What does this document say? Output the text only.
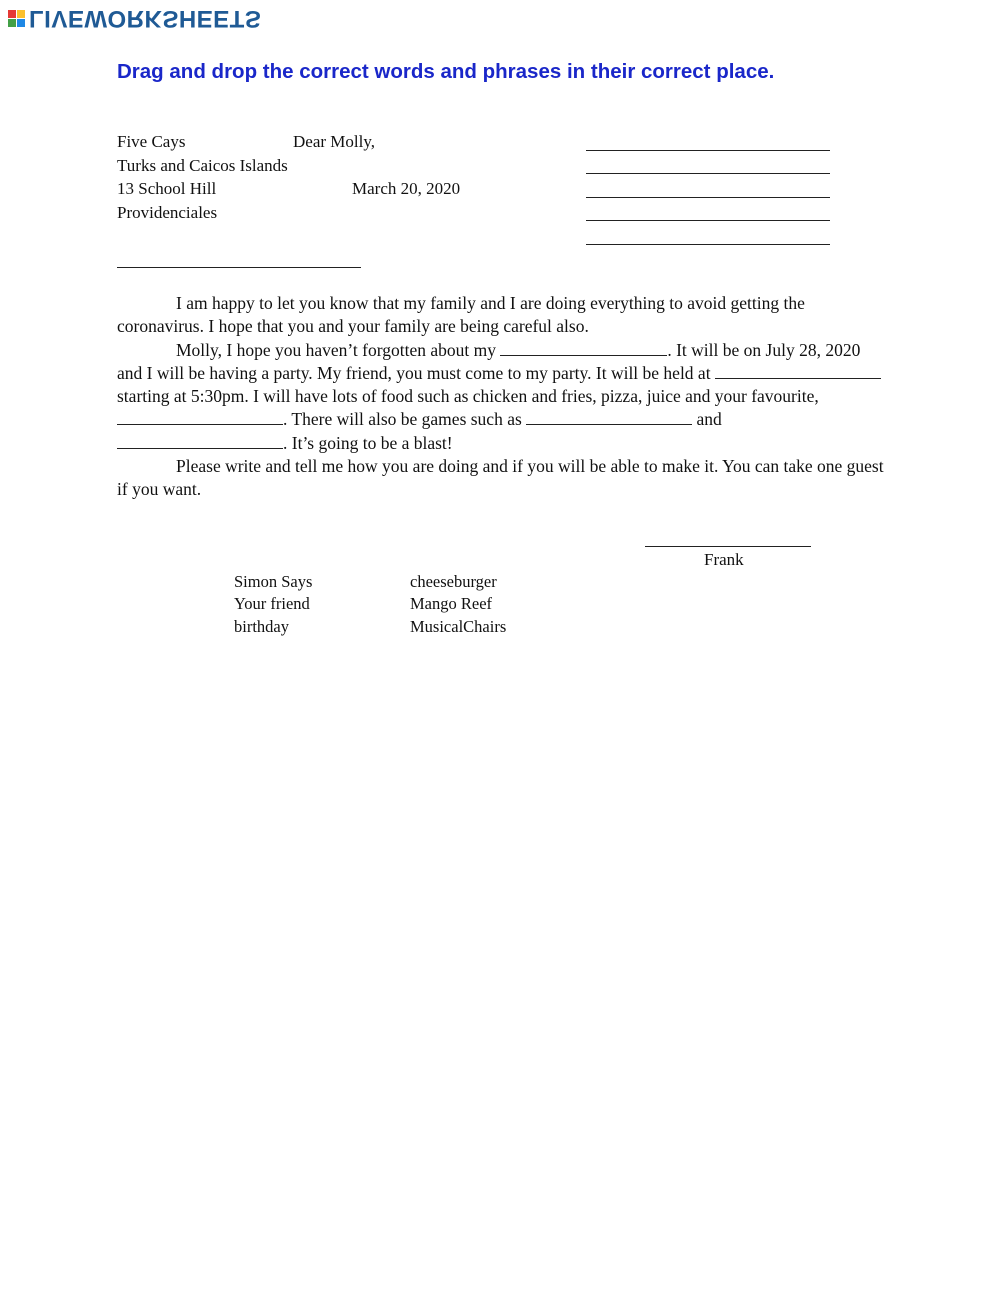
LIVEWORKSHEETS
Drag and drop the correct words and phrases in their correct place.
Five Cays
Turks and Caicos Islands
13 School Hill
Providenciales
Dear Molly,
March 20, 2020

I am happy to let you know that my family and I are doing everything to avoid getting the coronavirus. I hope that you and your family are being careful also.

Molly, I hope you haven’t forgotten about my	. It will be on July 28, 2020 and I will be having a party. My friend, you must come to my party. It will be held at  starting at 5:30pm. I will have lots of food such as chicken and fries, pizza, juice and your favourite, . There will also be games such as	and . It’s going to be a blast!

Please write and tell me how you are doing and if you will be able to make it. You can take one guest if you want.

Frank
Simon Says
Your friend
birthday
cheeseburger
Mango Reef
MusicalChairs
